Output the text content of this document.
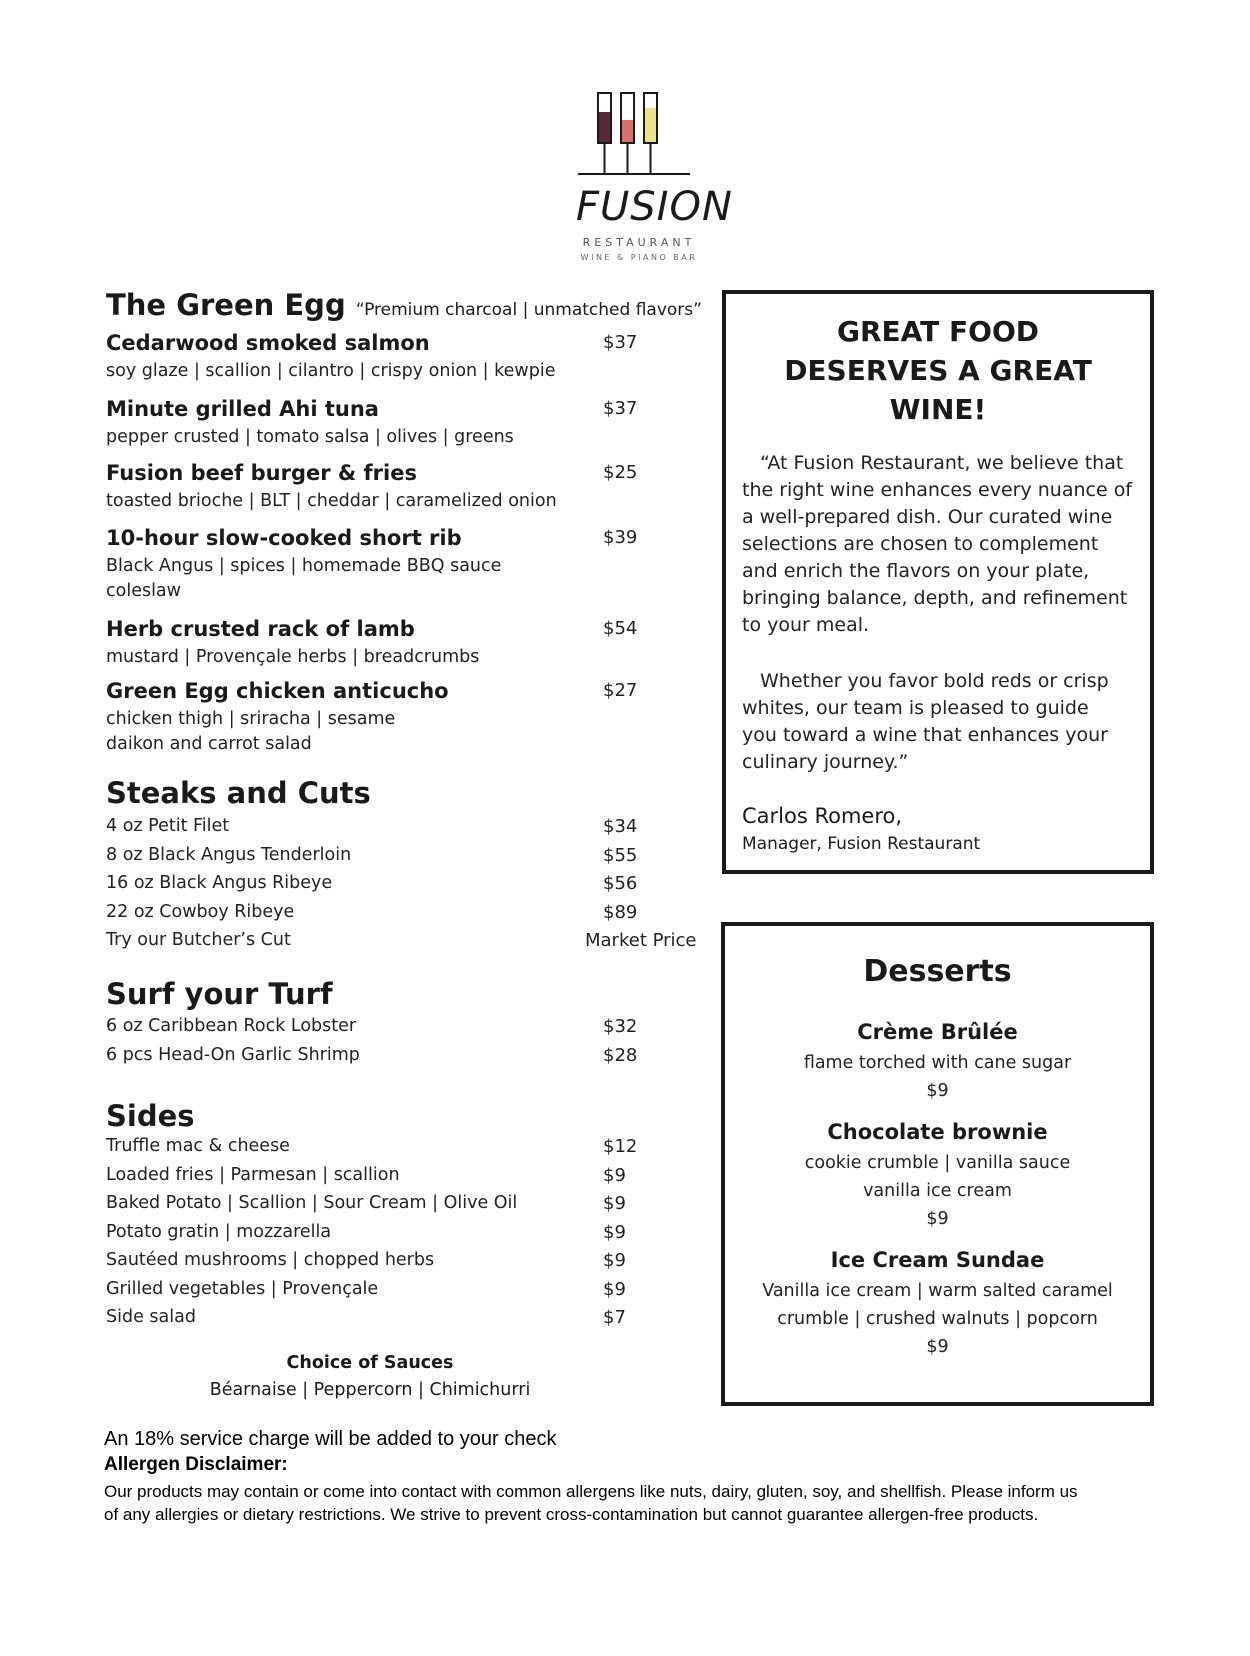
FUSION
RESTAURANT
WINE & PIANO BAR
The Green Egg “Premium charcoal | unmatched flavors”
Cedarwood smoked salmon	$37
soy glaze | scallion | cilantro | crispy onion | kewpie
Minute grilled Ahi tuna	$37
pepper crusted | tomato salsa | olives | greens
Fusion beef burger & fries	$25
toasted brioche | BLT | cheddar | caramelized onion
10-hour slow-cooked short rib	$39
Black Angus | spices | homemade BBQ sauce
coleslaw
Herb crusted rack of lamb	$54
mustard | Provençale herbs | breadcrumbs
Green Egg chicken anticucho	$27
chicken thigh | sriracha | sesame
daikon and carrot salad
Steaks and Cuts
4 oz Petit Filet	$34
8 oz Black Angus Tenderloin	$55
16 oz Black Angus Ribeye	$56
22 oz Cowboy Ribeye	$89
Try our Butcher’s Cut	Market Price
Surf your Turf
6 oz Caribbean Rock Lobster	$32
6 pcs Head-On Garlic Shrimp	$28
Sides
Truffle mac & cheese	$12
Loaded fries | Parmesan | scallion	$9
Baked Potato | Scallion | Sour Cream | Olive Oil	$9
Potato gratin | mozzarella	$9
Sautéed mushrooms | chopped herbs	$9
Grilled vegetables | Provençale	$9
Side salad	$7
Choice of Sauces
Béarnaise | Peppercorn | Chimichurri
GREAT FOOD
DESERVES A GREAT
WINE!
“At Fusion Restaurant, we believe that
the right wine enhances every nuance of
a well-prepared dish. Our curated wine
selections are chosen to complement
and enrich the flavors on your plate,
bringing balance, depth, and refinement
to your meal.
Whether you favor bold reds or crisp
whites, our team is pleased to guide
you toward a wine that enhances your
culinary journey.”
Carlos Romero,
Manager, Fusion Restaurant
Desserts
Crème Brûlée
flame torched with cane sugar
$9
Chocolate brownie
cookie crumble | vanilla sauce
vanilla ice cream
$9
Ice Cream Sundae
Vanilla ice cream | warm salted caramel
crumble | crushed walnuts | popcorn
$9
An 18% service charge will be added to your check
Allergen Disclaimer:
Our products may contain or come into contact with common allergens like nuts, dairy, gluten, soy, and shellfish. Please inform us
of any allergies or dietary restrictions. We strive to prevent cross-contamination but cannot guarantee allergen-free products.
